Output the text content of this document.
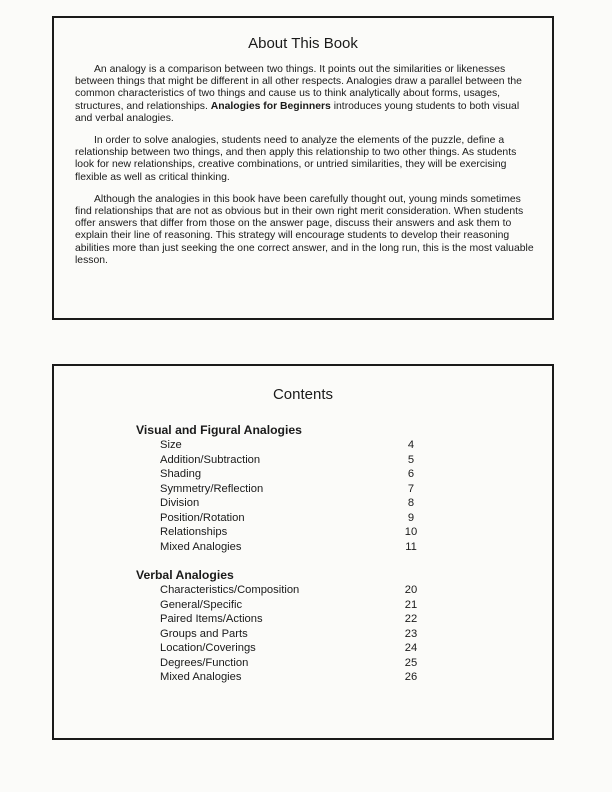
About This Book

An analogy is a comparison between two things. It points out the similarities or likenesses between things that might be different in all other respects. Analogies draw a parallel between the common characteristics of two things and cause us to think analytically about forms, usages, structures, and relationships. Analogies for Beginners introduces young students to both visual and verbal analogies.

In order to solve analogies, students need to analyze the elements of the puzzle, define a relationship between two things, and then apply this relationship to two other things. As students look for new relationships, creative combinations, or untried similarities, they will be exercising flexible as well as critical thinking.

Although the analogies in this book have been carefully thought out, young minds sometimes find relationships that are not as obvious but in their own right merit consideration. When students offer answers that differ from those on the answer page, discuss their answers and ask them to explain their line of reasoning. This strategy will encourage students to develop their reasoning abilities more than just seeking the one correct answer, and in the long run, this is the most valuable lesson.

Contents
Visual and Figural Analogies
Size	4
Addition/Subtraction	5
Shading	6
Symmetry/Reflection	7
Division	8
Position/Rotation	9
Relationships	10
Mixed Analogies	11
Verbal Analogies
Characteristics/Composition	20
General/Specific	21
Paired Items/Actions	22
Groups and Parts	23
Location/Coverings	24
Degrees/Function	25
Mixed Analogies	26
